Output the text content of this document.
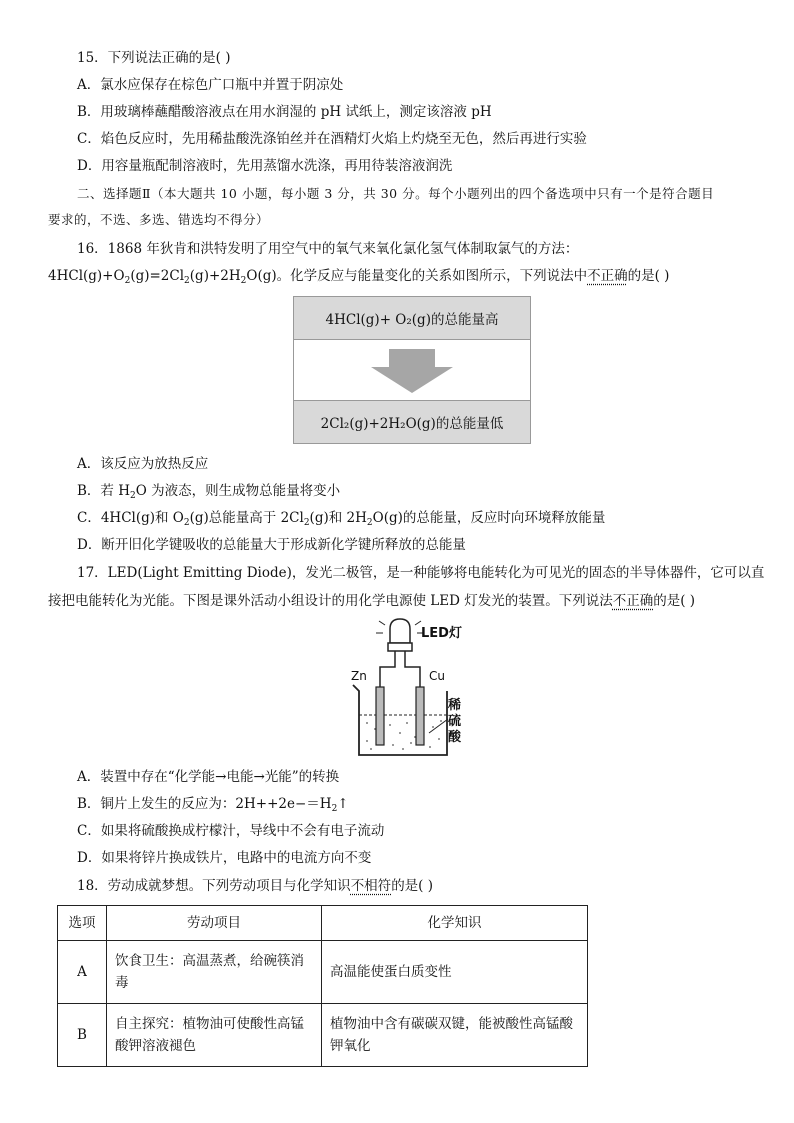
15．下列说法正确的是( )
A．氯水应保存在棕色广口瓶中并置于阴凉处
B．用玻璃棒蘸醋酸溶液点在用水润湿的 pH 试纸上，测定该溶液 pH
C．焰色反应时，先用稀盐酸洗涤铂丝并在酒精灯火焰上灼烧至无色，然后再进行实验
D．用容量瓶配制溶液时，先用蒸馏水洗涤，再用待装溶液润洗
二、选择题Ⅱ（本大题共 10 小题，每小题 3 分，共 30 分。每个小题列出的四个备选项中只有一个是符合题目
要求的，不选、多选、错选均不得分）
16．1868 年狄肯和洪特发明了用空气中的氧气来氧化氯化氢气体制取氯气的方法：
$4HCl(g)+O_2(g)=2Cl_2(g)+2H_2O(g)$。化学反应与能量变化的关系如图所示，下列说法中不正确的是( )
4HCl(g)+ O₂(g)的总能量高
2Cl₂(g)+2H₂O(g)的总能量低
A．该反应为放热反应
B．若 $H_2O$ 为液态，则生成物总能量将变小
C．4HCl(g)和 $O_2(g)$总能量高于 $2Cl_2(g)$和 $2H_2O(g)$的总能量，反应时向环境释放能量
D．断开旧化学键吸收的总能量大于形成新化学键所释放的总能量
17．LED(Light Emitting Diode)，发光二极管，是一种能够将电能转化为可见光的固态的半导体器件，它可以直
接把电能转化为光能。下图是课外活动小组设计的用化学电源使 LED 灯发光的装置。下列说法不正确的是( )
LED灯
Zn	Cu
稀硫酸
A．装置中存在“化学能→电能→光能”的转换
B．铜片上发生的反应为：$2H++2e-=H_2↑$
C．如果将硫酸换成柠檬汁，导线中不会有电子流动
D．如果将锌片换成铁片，电路中的电流方向不变
18．劳动成就梦想。下列劳动项目与化学知识不相符的是( )
选项	劳动项目	化学知识
A	饮食卫生：高温蒸煮，给碗筷消毒	高温能使蛋白质变性
B	自主探究：植物油可使酸性高锰酸钾溶液褪色	植物油中含有碳碳双键，能被酸性高锰酸钾氧化
